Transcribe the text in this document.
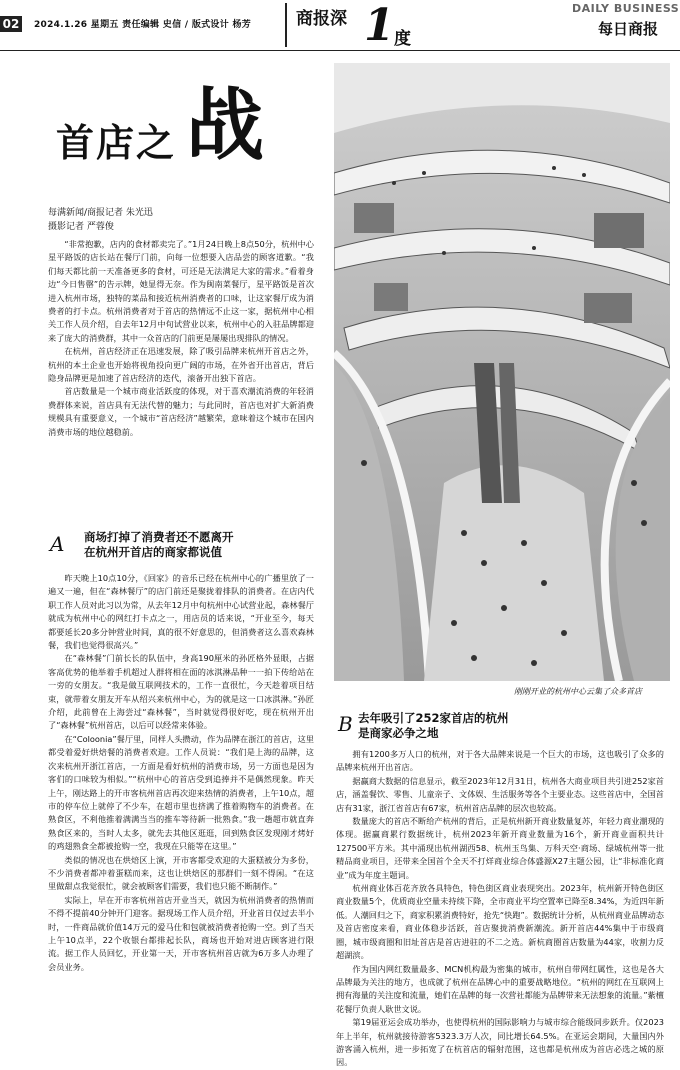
02 2024.1.26 星期五 责任编辑 史信 / 版式设计 杨芳	商报深 1 度
DAILY BUSINESS
每日商报
首店之 战
每满新闻/商报记者 朱光迅
摄影记者 严蓉俊

“非常抱歉，店内的食材都卖完了。”1月24日晚上8点50分，杭州中心星平路饭的店长站在餐厅门前，向每一位想要入店品尝的顾客道歉。“我们每天都比前一天准备更多的食材，可还是无法满足大家的需求。”看着身边“今日售罄”的告示牌，她显得无奈。作为闽南菜餐厅，星平路饭是首次进入杭州市场，独特的菜品和接近杭州消费者的口味，让这家餐厅成为消费者的打卡点。杭州消费者对于首店的热情远不止这一家，据杭州中心相关工作人员介绍，自去年12月中旬试营业以来，杭州中心的入驻品牌都迎来了庞大的消费群，其中一众首店的门前更是屡屡出现排队的情况。

在杭州，首店经济正在迅速发展，除了吸引品牌来杭州开首店之外，杭州的本土企业也开始将视角投向更广阔的市场，在外省开出首店，背后隐身品牌更是加速了首店经济的迭代，滚备开出独下首店。

首店数量是一个城市商业活跃度的体现，对于喜欢潮流消费的年轻消费群体来说，首店具有无法代替的魅力；与此同时，首店也对扩大新消费规模具有重要意义，一个城市“首店经济”越繁荣，意味着这个城市在国内消费市场的地位越稳前。

A 商场打掉了消费者还不愿离开
在杭州开首店的商家都说值

昨天晚上10点10分，《回家》的音乐已经在杭州中心的广播里放了一遍又一遍，但在“森林餐厅”的店门前还是聚拢着排队的消费者。在店内代职工作人员对此习以为常，从去年12月中旬杭州中心试营业起，森林餐厅就成为杭州中心的网红打卡点之一，用店员的话来说，“开业至今，每天都要延长20多分钟营业时间，真的很不好意思的，但消费者这么喜欢森林餐，我们也觉得很高兴。”

在“森林餐”门前长长的队伍中，身高190厘米的孙匠格外显眼，占据客高优势的他举着手机超过人群将相在面的冰淇淋品种一一拍下传给站在一旁的女朋友。“我是做互联网技术的，工作一直很忙，今天趁着项目结束，就带着女朋友开车从绍兴来杭州中心，为的就是这一口冰淇淋。”孙匠介绍，此前曾在上海尝过“森林餐”，当时就觉得很好吃，现在杭州开出了“森林餐”杭州首店，以后可以经常来体验。

在“Coloonia”餐厅里，同样人头攒动，作为品牌在浙江的首店，这里都受着爱好烘焙餐的消费者欢迎。工作人员说：“我们是上海的品牌，这次来杭州开浙江首店，一方面是看好杭州的消费市场，另一方面也是因为客们的口味较为相似。”“杭州中心的首店受到追捧并不是偶然现象。昨天上午，刚达路上的开市客杭州首店再次迎来热情的消费者，上午10点，超市的停车位上就停了不少车，在超市里也挤满了推着购物车的消费者。在熟食区，不利他推着满满当当的推车等待新一批熟食。”我一趟超市就直奔熟食区来的，当时人太多，就先去其他区逛逛，回到熟食区发现刚才烤好的鸡翅熟食全都被抢购一空，我现在只能等在这里。”

类似的情况也在烘焙区上演，开市客都受欢迎的大蛋糕被分为多份，不少消费者都冲着蛋糕而来，这也让烘焙区的那群们一刻不得闲。“在这里做甜点我觉很忙，就会被顾客们需要，我们也只能不断制作。”

实际上，早在开市客杭州首店开业当天，就因为杭州消费者的热情而不得不提前40分钟开门迎客。据现场工作人员介绍，开业首日仅过去半小时，一件商品就价值14万元的爱马仕和包就被消费者抢购一空。到了当天上午10点半，22个收银台都排起长队，商场也开始对进店顾客进行限流。据工作人员回忆，开业第一天，开市客杭州首店就为6万多人办理了会员业务。

刚刚开业的杭州中心云集了众多首店
B 去年吸引了252家首店的杭州
是商家必争之地

拥有1200多万人口的杭州，对于各大品牌来说是一个巨大的市场，这也吸引了众多的品牌来杭州开出首店。

据赢商大数据的信息显示，截至2023年12月31日，杭州各大商业项目共引进252家首店，涵盖餐饮、零售、儿童亲子、文体娱、生活服务等各个主要业态。这些首店中，全国首店有31家，浙江省首店有67家，杭州首店品牌的层次也较高。

数量庞大的首店不断给产杭州的背后，正是杭州新开商业数量复苏，年轻力商业潮现的体现。据赢商累行数据统计，杭州2023年新开商业数量为16个，新开商业面积共计127500平方米。其中涌现出杭州湖西58、杭州玉鸟集、万科天空·商场、绿城杭州等一批精品商业项目，还带来全国首个全天不打烊商业综合体盛源X27主题公园，让“非标准化商业”成为年度主题词。

杭州商业体百花齐放各具特色，特色街区商业表现突出。2023年，杭州新开特色街区商业数量5个，优质商业空量未持续下降，全市商业平均空置率已降至8.34%，为近四年新低。人潮回归之下，商家积累消费特好，抢先“快跑”。数据统计分析，从杭州商业品牌动态及首店密度来看，商业体稳步活跃，首店聚拢消费新潮流。新开首店44%集中于市级商圈，城市级商圈和旧址首店是首店进驻的不二之选。新杭商圈首店数量为44家，收割力反超湖滨。

作为国内网红数量最多、MCN机构最为密集的城市，杭州自带网红属性，这也是各大品牌最为关注的地方，也成就了杭州在品牌心中的重要战略地位。“杭州的网红在互联网上拥有海量的关注度和流量，她们在品牌的每一次营社都能为品牌带来无法想象的流量。”紫檀花餐厅负责人耿世文说。

第19届亚运会成功举办，也使得杭州的国际影响力与城市综合能级同步跃升。仅2023年上半年，杭州就接待游客5323.3万人次，同比增长64.5%。在亚运会期间，大量国内外游客涌入杭州，进一步拓宽了在杭首店的辐射范围，这也都是杭州成为首店必选之城的原因。
